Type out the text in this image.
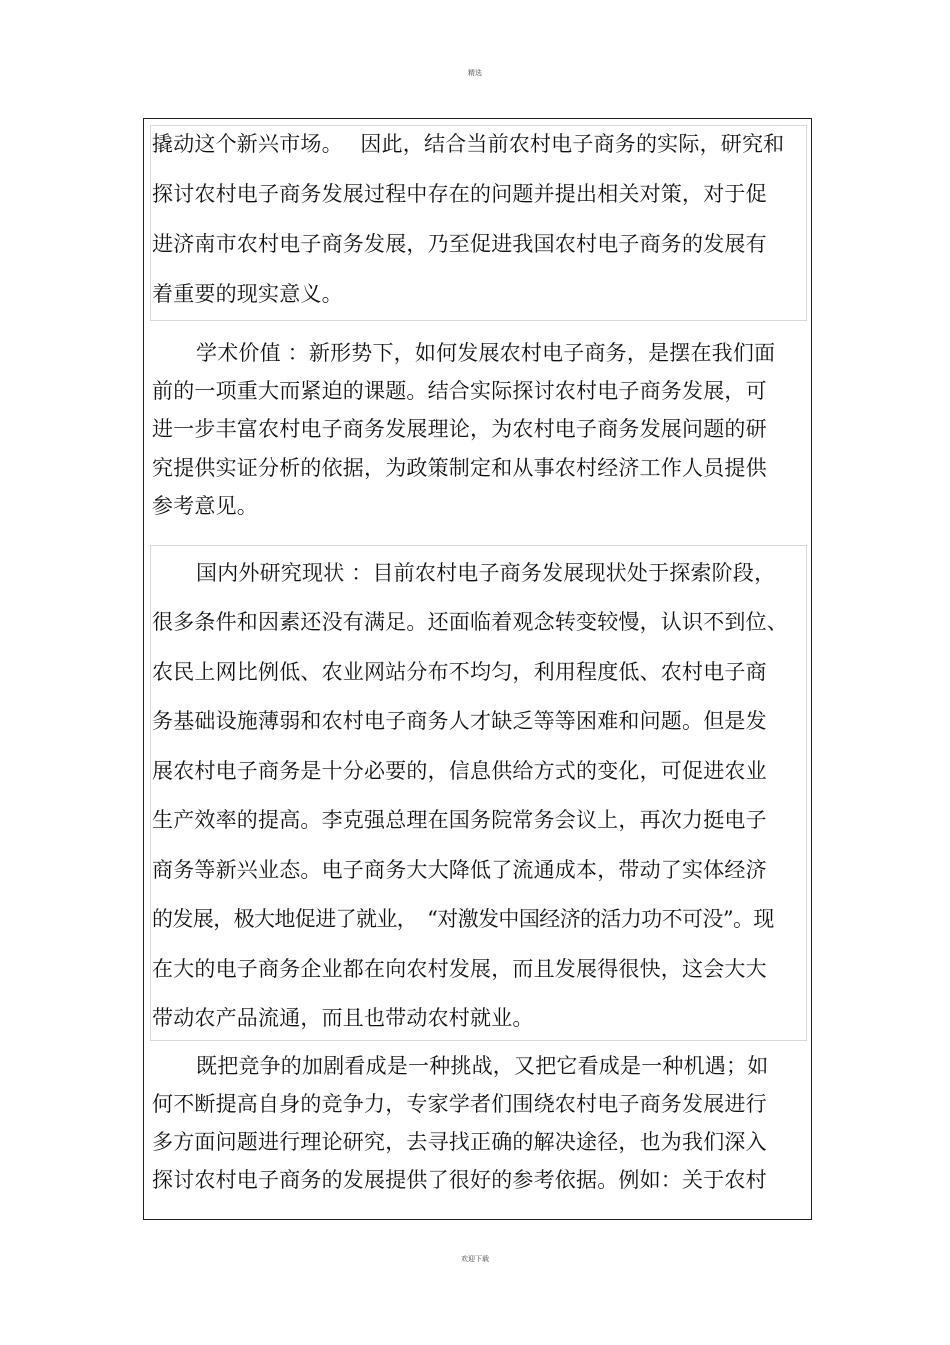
精选
撬动这个新兴市场。　 因此，结合当前农村电子商务的实际，研究和
探讨农村电子商务发展过程中存在的问题并提出相关对策，对于促
进济南市农村电子商务发展，乃至促进我国农村电子商务的发展有
着重要的现实意义。
学术价值 ：新形势下，如何发展农村电子商务，是摆在我们面
前的一项重大而紧迫的课题。结合实际探讨农村电子商务发展，可
进一步丰富农村电子商务发展理论，为农村电子商务发展问题的研
究提供实证分析的依据，为政策制定和从事农村经济工作人员提供
参考意见。
国内外研究现状 ：目前农村电子商务发展现状处于探索阶段，
很多条件和因素还没有满足。还面临着观念转变较慢，认识不到位、
农民上网比例低、农业网站分布不均匀，利用程度低、农村电子商
务基础设施薄弱和农村电子商务人才缺乏等等困难和问题。但是发
展农村电子商务是十分必要的，信息供给方式的变化，可促进农业
生产效率的提高。李克强总理在国务院常务会议上，再次力挺电子
商务等新兴业态。电子商务大大降低了流通成本，带动了实体经济
的发展，极大地促进了就业，　“对激发中国经济的活力功不可没”。现
在大的电子商务企业都在向农村发展，而且发展得很快，这会大大
带动农产品流通，而且也带动农村就业。
既把竞争的加剧看成是一种挑战，又把它看成是一种机遇；如
何不断提高自身的竞争力，专家学者们围绕农村电子商务发展进行
多方面问题进行理论研究，去寻找正确的解决途径，也为我们深入
探讨农村电子商务的发展提供了很好的参考依据。例如：关于农村
欢迎下载
